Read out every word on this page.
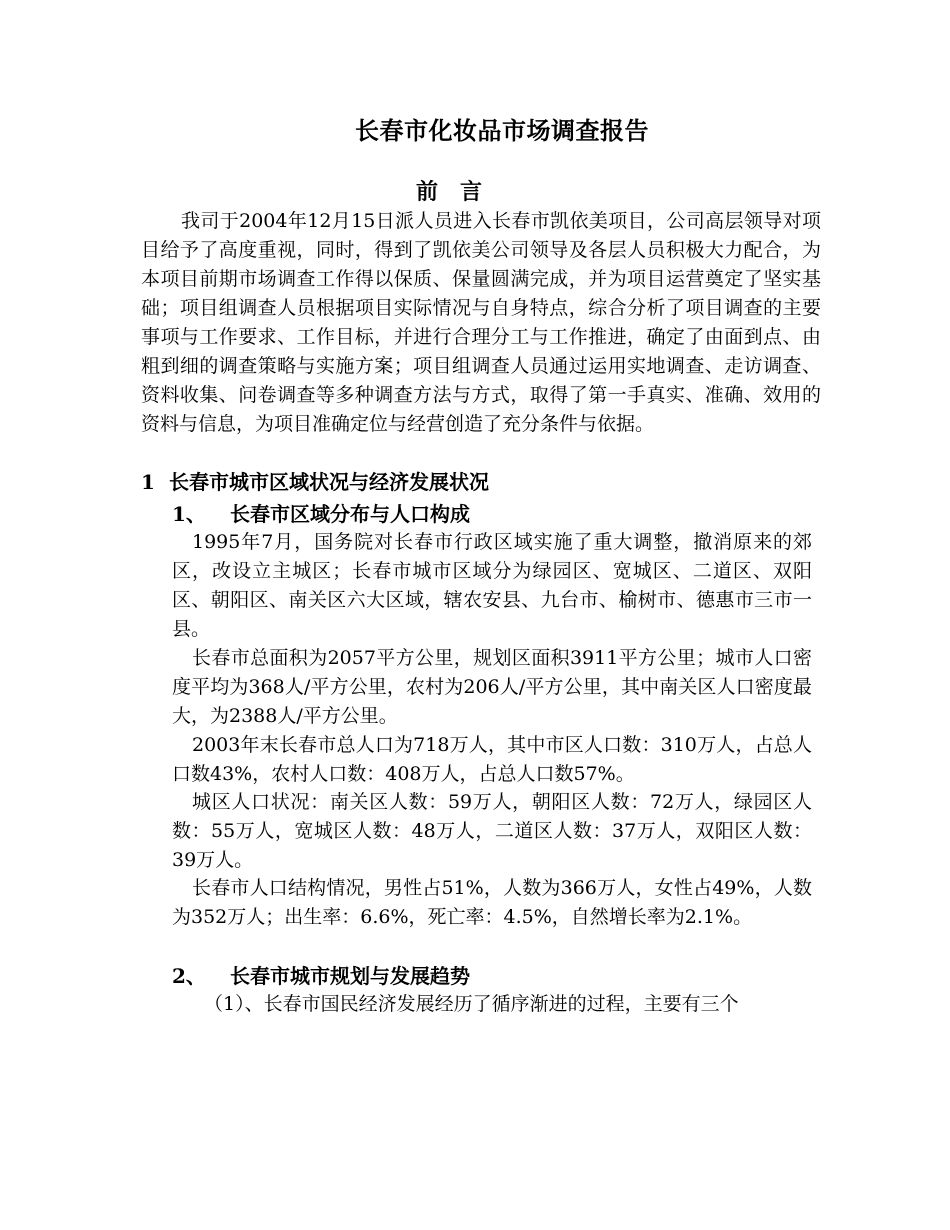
长春市化妆品市场调查报告
前言

我司于2004年12月15日派人员进入长春市凯依美项目，公司高层领导对项目给予了高度重视，同时，得到了凯依美公司领导及各层人员积极大力配合，为本项目前期市场调查工作得以保质、保量圆满完成，并为项目运营奠定了坚实基础；项目组调查人员根据项目实际情况与自身特点，综合分析了项目调查的主要事项与工作要求、工作目标，并进行合理分工与工作推进，确定了由面到点、由粗到细的调查策略与实施方案；项目组调查人员通过运用实地调查、走访调查、资料收集、问卷调查等多种调查方法与方式，取得了第一手真实、准确、效用的资料与信息，为项目准确定位与经营创造了充分条件与依据。

1 长春市城市区域状况与经济发展状况
1、 长春市区域分布与人口构成

1995年7月，国务院对长春市行政区域实施了重大调整，撤消原来的郊区，改设立主城区；长春市城市区域分为绿园区、宽城区、二道区、双阳区、朝阳区、南关区六大区域，辖农安县、九台市、榆树市、德惠市三市一县。

长春市总面积为2057平方公里，规划区面积3911平方公里；城市人口密度平均为368人/平方公里，农村为206人/平方公里，其中南关区人口密度最大，为2388人/平方公里。

2003年末长春市总人口为718万人，其中市区人口数：310万人，占总人口数43%，农村人口数：408万人，占总人口数57%。

城区人口状况：南关区人数：59万人，朝阳区人数：72万人，绿园区人数：55万人，宽城区人数：48万人，二道区人数：37万人，双阳区人数：39万人。

长春市人口结构情况，男性占51%，人数为366万人，女性占49%，人数为352万人；出生率：6.6%，死亡率：4.5%，自然增长率为2.1%。

2、 长春市城市规划与发展趋势

（1）、长春市国民经济发展经历了循序渐进的过程，主要有三个
